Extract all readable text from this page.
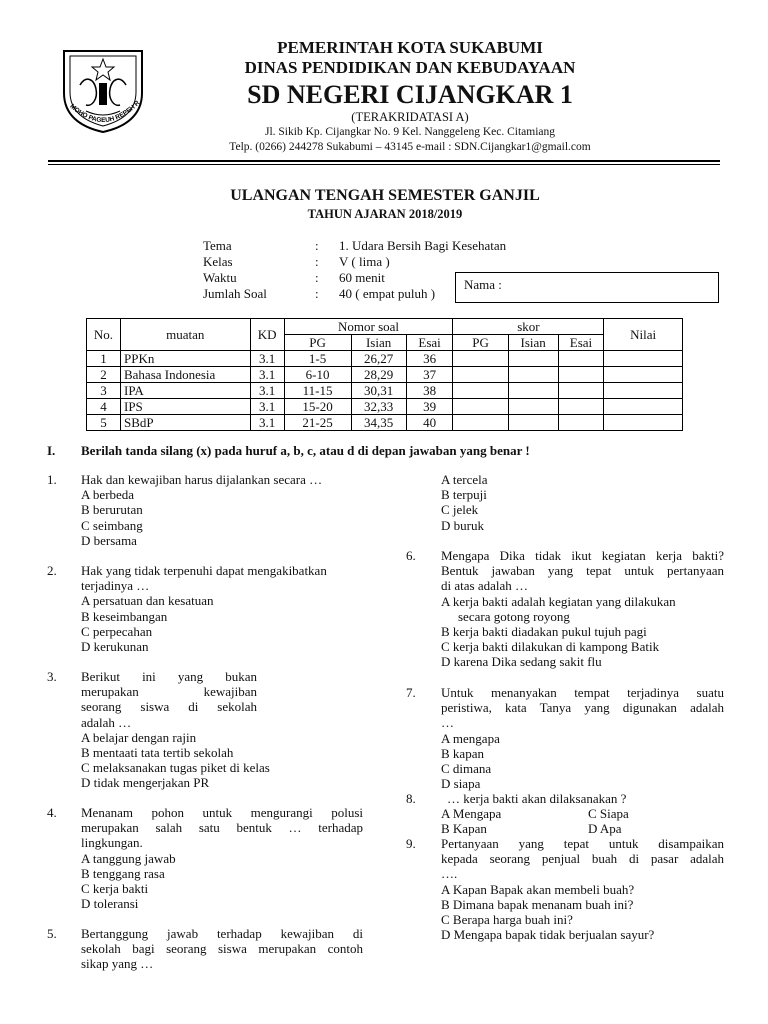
MOHO PAGEUH REPEH R
PEMERINTAH KOTA SUKABUMI
DINAS PENDIDIKAN DAN KEBUDAYAAN
SD NEGERI CIJANGKAR 1
(TERAKRIDATASI A)
Jl. Sikib Kp. Cijangkar No. 9 Kel. Nanggeleng Kec. Citamiang
Telp. (0266) 244278 Sukabumi – 43145 e-mail : SDN.Cijangkar1@gmail.com
ULANGAN TENGAH SEMESTER GANJIL
TAHUN AJARAN 2018/2019
Tema	: 1. Udara Bersih Bagi Kesehatan
Kelas	: V ( lima )
Waktu	: 60 menit
Jumlah Soal	: 40 ( empat puluh )
Nama :
No.	muatan	KD	Nomor soal			skor			Nilai
			PG	Isian	Esai	PG	Isian	Esai	
1	PPKn	3.1	1-5	26,27	36				
2	Bahasa Indonesia	3.1	6-10	28,29	37				
3	IPA	3.1	11-15	30,31	38				
4	IPS	3.1	15-20	32,33	39				
5	SBdP	3.1	21-25	34,35	40				
I. Berilah tanda silang (x) pada huruf a, b, c, atau d di depan jawaban yang benar !
1. Hak dan kewajiban harus dijalankan secara …
A berbeda
B berurutan
C seimbang
D bersama
2. Hak yang tidak terpenuhi dapat mengakibatkan
terjadinya …
A persatuan dan kesatuan
B keseimbangan
C perpecahan
D kerukunan
3. Berikut ini yang bukan
merupakan kewajiban
seorang siswa di sekolah
adalah …
A belajar dengan rajin
B mentaati tata tertib sekolah
C melaksanakan tugas piket di kelas
D tidak mengerjakan PR
4. Menanam pohon untuk mengurangi polusi
merupakan salah satu bentuk … terhadap
lingkungan.
A tanggung jawab
B tenggang rasa
C kerja bakti
D toleransi
5. Bertanggung jawab terhadap kewajiban di
sekolah bagi seorang siswa merupakan contoh
sikap yang …
A tercela
B terpuji
C jelek
D buruk
6. Mengapa Dika tidak ikut kegiatan kerja bakti?
Bentuk jawaban yang tepat untuk pertanyaan
di atas adalah …
A kerja bakti adalah kegiatan yang dilakukan
secara gotong royong
B kerja bakti diadakan pukul tujuh pagi
C kerja bakti dilakukan di kampong Batik
D karena Dika sedang sakit flu
7. Untuk menanyakan tempat terjadinya suatu
peristiwa, kata Tanya yang digunakan adalah
…
A mengapa
B kapan
C dimana
D siapa
8.	… kerja bakti akan dilaksanakan ?
A Mengapa	C Siapa
B Kapan	D Apa
9. Pertanyaan yang tepat untuk disampaikan
kepada seorang penjual buah di pasar adalah
….
A Kapan Bapak akan membeli buah?
B Dimana bapak menanam buah ini?
C Berapa harga buah ini?
D Mengapa bapak tidak berjualan sayur?
